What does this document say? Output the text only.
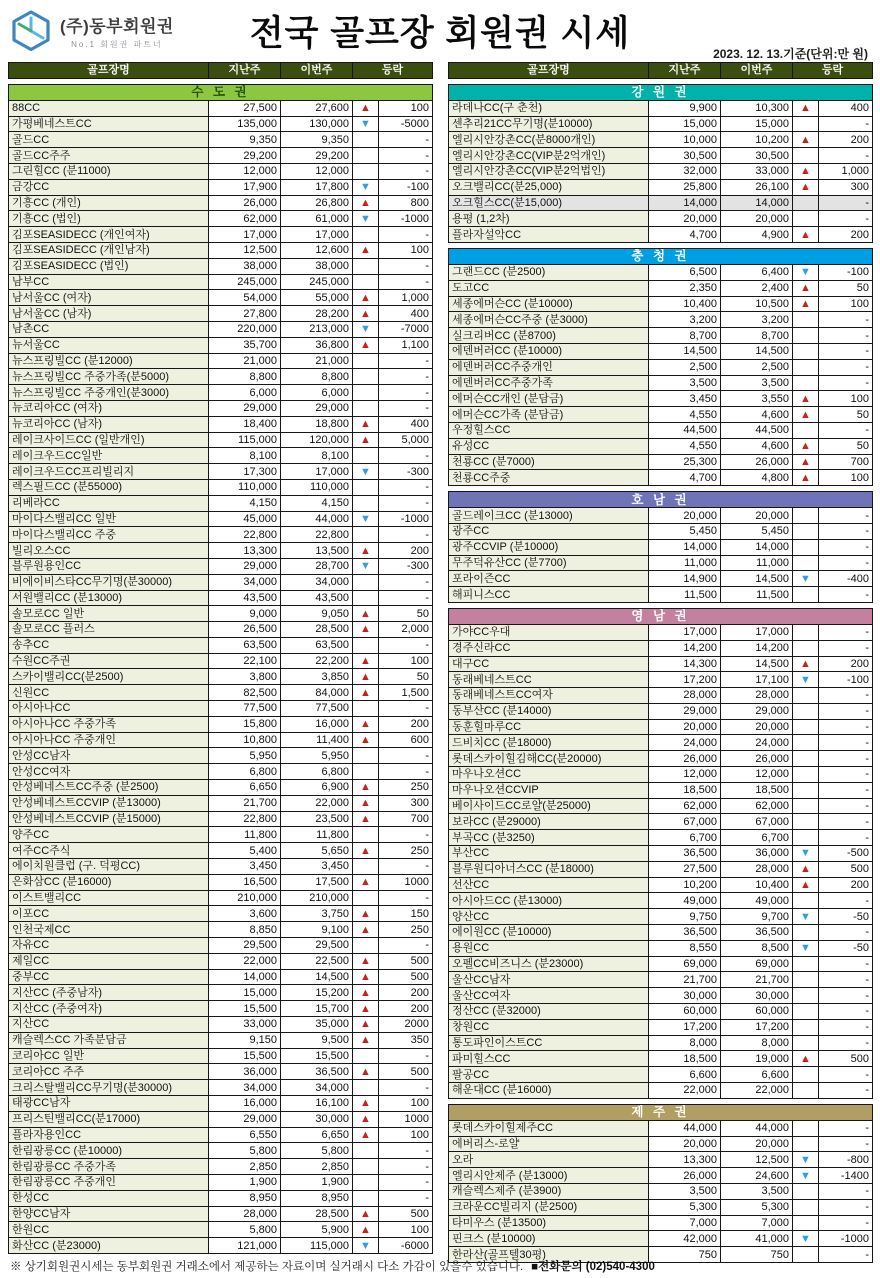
(주)동부회원권
No.1 회원권 파트너	전국 골프장 회원권 시세
2023. 12. 13.기준(단위:만 원)
골프장명	지난주	이번주	등락
수 도 권				
88CC	27,500	27,600	▲	100
가평베네스트CC	135,000	130,000	▼	-5000
골드CC	9,350	9,350		-
골드CC주주	29,200	29,200		-
그린힐CC (분11000)	12,000	12,000		-
금강CC	17,900	17,800	▼	-100
기흥CC (개인)	26,000	26,800	▲	800
기흥CC (법인)	62,000	61,000	▼	-1000
김포SEASIDECC (개인여자)	17,000	17,000		-
김포SEASIDECC (개인남자)	12,500	12,600	▲	100
김포SEASIDECC (법인)	38,000	38,000		-
남부CC	245,000	245,000		-
남서울CC (여자)	54,000	55,000	▲	1,000
남서울CC (남자)	27,800	28,200	▲	400
남촌CC	220,000	213,000	▼	-7000
뉴서울CC	35,700	36,800	▲	1,100
뉴스프링빌CC (분12000)	21,000	21,000		-
뉴스프링빌CC 주중가족(분5000)	8,800	8,800		-
뉴스프링빌CC 주중개인(분3000)	6,000	6,000		-
뉴코리아CC (여자)	29,000	29,000		-
뉴코리아CC (남자)	18,400	18,800	▲	400
레이크사이드CC (일반개인)	115,000	120,000	▲	5,000
레이크우드CC일반	8,100	8,100		-
레이크우드CC프리빌리지	17,300	17,000	▼	-300
렉스필드CC (분55000)	110,000	110,000		-
리베라CC	4,150	4,150		-
마이다스밸리CC 일반	45,000	44,000	▼	-1000
마이다스밸리CC 주중	22,800	22,800		-
빌리오스CC	13,300	13,500	▲	200
블루원용인CC	29,000	28,700	▼	-300
비에이비스타CC무기명(분30000)	34,000	34,000		-
서원밸리CC (분13000)	43,500	43,500		-
솔모로CC 일반	9,000	9,050	▲	50
솔모로CC 플러스	26,500	28,500	▲	2,000
송추CC	63,500	63,500		-
수원CC주권	22,100	22,200	▲	100
스카이밸리CC(분2500)	3,800	3,850	▲	50
신원CC	82,500	84,000	▲	1,500
아시아나CC	77,500	77,500		-
아시아나CC 주중가족	15,800	16,000	▲	200
아시아나CC 주중개인	10,800	11,400	▲	600
안성CC남자	5,950	5,950		-
안성CC여자	6,800	6,800		-
안성베네스트CC주중 (분2500)	6,650	6,900	▲	250
안성베네스트CCVIP (분13000)	21,700	22,000	▲	300
안성베네스트CCVIP (분15000)	22,800	23,500	▲	700
양주CC	11,800	11,800		-
여주CC주식	5,400	5,650	▲	250
에이치원클럽 (구. 덕평CC)	3,450	3,450		-
은화삼CC (분16000)	16,500	17,500	▲	1000
이스트밸리CC	210,000	210,000		-
이포CC	3,600	3,750	▲	150
인천국제CC	8,850	9,100	▲	250
자유CC	29,500	29,500		-
제일CC	22,000	22,500	▲	500
중부CC	14,000	14,500	▲	500
지산CC (주중남자)	15,000	15,200	▲	200
지산CC (주중여자)	15,500	15,700	▲	200
지산CC	33,000	35,000	▲	2000
캐슬렉스CC 가족분담금	9,150	9,500	▲	350
코리아CC 일반	15,500	15,500		-
코리아CC 주주	36,000	36,500	▲	500
크리스탈밸리CC무기명(분30000)	34,000	34,000		-
태광CC남자	16,000	16,100	▲	100
프리스틴밸리CC(분17000)	29,000	30,000	▲	1000
플라자용인CC	6,550	6,650	▲	100
한림광릉CC (분10000)	5,800	5,800		-
한림광릉CC 주중가족	2,850	2,850		-
한림광릉CC 주중개인	1,900	1,900		-
한성CC	8,950	8,950		-
한양CC남자	28,000	28,500	▲	500
한원CC	5,800	5,900	▲	100
화산CC (분23000)	121,000	115,000	▼	-6000
골프장명	지난주	이번주	등락
강 원 권				
라데나CC(구 춘천)	9,900	10,300	▲	400
센추리21CC무기명(분10000)	15,000	15,000		-
엘리시안강촌CC(분8000개인)	10,000	10,200	▲	200
엘리시안강촌CC(VIP분2억개인)	30,500	30,500		-
엘리시안강촌CC(VIP분2억법인)	32,000	33,000	▲	1,000
오크밸리CC(분25,000)	25,800	26,100	▲	300
오크힐스CC(분15,000)	14,000	14,000		-
용평 (1,2차)	20,000	20,000		-
플라자설악CC	4,700	4,900	▲	200
충 청 권				
그랜드CC (분2500)	6,500	6,400	▼	-100
도고CC	2,350	2,400	▲	50
세종에머슨CC (분10000)	10,400	10,500	▲	100
세종에머슨CC주중 (분3000)	3,200	3,200		-
실크리버CC (분8700)	8,700	8,700		-
에덴버러CC (분10000)	14,500	14,500		-
에덴버러CC주중개인	2,500	2,500		-
에덴버러CC주중가족	3,500	3,500		-
에머슨CC개인 (분담금)	3,450	3,550	▲	100
에머슨CC가족 (분담금)	4,550	4,600	▲	50
우정힐스CC	44,500	44,500		-
유성CC	4,550	4,600	▲	50
천룡CC (분7000)	25,300	26,000	▲	700
천룡CC주중	4,700	4,800	▲	100
호 남 권				
골드레이크CC (분13000)	20,000	20,000		-
광주CC	5,450	5,450		-
광주CCVIP (분10000)	14,000	14,000		-
무주덕유산CC (분7700)	11,000	11,000		-
포라이즌CC	14,900	14,500	▼	-400
해피니스CC	11,500	11,500		-
영 남 권				
가야CC우대	17,000	17,000		-
경주신라CC	14,200	14,200		-
대구CC	14,300	14,500	▲	200
동래베네스트CC	17,200	17,100	▼	-100
동래베네스트CC여자	28,000	28,000		-
동부산CC (분14000)	29,000	29,000		-
동훈힐마루CC	20,000	20,000		-
드비치CC (분18000)	24,000	24,000		-
롯데스카이힐김해CC(분20000)	26,000	26,000		-
마우나오션CC	12,000	12,000		-
마우나오션CCVIP	18,500	18,500		-
베이사이드CC로얄(분25000)	62,000	62,000		-
보라CC (분29000)	67,000	67,000		-
부곡CC (분3250)	6,700	6,700		-
부산CC	36,500	36,000	▼	-500
블루원디아너스CC (분18000)	27,500	28,000	▲	500
선산CC	10,200	10,400	▲	200
아시아드CC (분13000)	49,000	49,000		-
양산CC	9,750	9,700	▼	-50
에이원CC (분10000)	36,500	36,500		-
용원CC	8,550	8,500	▼	-50
오펠CC비즈니스 (분23000)	69,000	69,000		-
울산CC남자	21,700	21,700		-
울산CC여자	30,000	30,000		-
정산CC (분32000)	60,000	60,000		-
창원CC	17,200	17,200		-
통도파인이스트CC	8,000	8,000		-
파미힐스CC	18,500	19,000	▲	500
팔공CC	6,600	6,600		-
해운대CC (분16000)	22,000	22,000		-
제 주 권				
롯데스카이힐제주CC	44,000	44,000		-
에버리스-로얄	20,000	20,000		-
오라	13,300	12,500	▼	-800
엘리시안제주 (분13000)	26,000	24,600	▼	-1400
캐슬렉스제주 (분3900)	3,500	3,500		-
크라운CC빌리지 (분2500)	5,300	5,300		-
타미우스 (분13500)	7,000	7,000		-
핀크스 (분10000)	42,000	41,000	▼	-1000
한라산(골프텔30평)	750	750		-
※ 상기회원권시세는 동부회원권 거래소에서 제공하는 자료이며 실거래시 다소 가감이 있을수 있습니다. ■전화문의 (02)540-4300
